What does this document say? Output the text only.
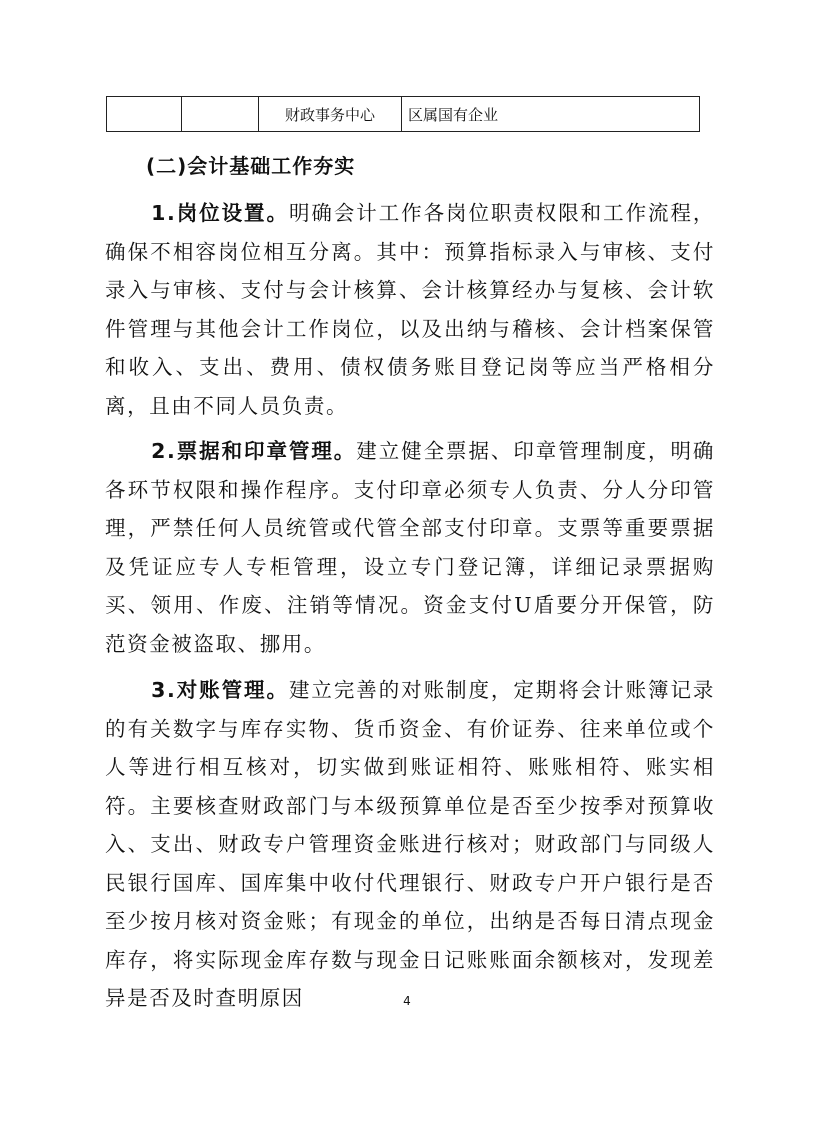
		财政事务中心	区属国有企业
(二)会计基础工作夯实

1.岗位设置。明确会计工作各岗位职责权限和工作流程，确保不相容岗位相互分离。其中：预算指标录入与审核、支付录入与审核、支付与会计核算、会计核算经办与复核、会计软件管理与其他会计工作岗位，以及出纳与稽核、会计档案保管和收入、支出、费用、债权债务账目登记岗等应当严格相分离，且由不同人员负责。

2.票据和印章管理。建立健全票据、印章管理制度，明确各环节权限和操作程序。支付印章必须专人负责、分人分印管理，严禁任何人员统管或代管全部支付印章。支票等重要票据及凭证应专人专柜管理，设立专门登记簿，详细记录票据购买、领用、作废、注销等情况。资金支付U盾要分开保管，防范资金被盗取、挪用。

3.对账管理。建立完善的对账制度，定期将会计账簿记录的有关数字与库存实物、货币资金、有价证券、往来单位或个人等进行相互核对，切实做到账证相符、账账相符、账实相符。主要核查财政部门与本级预算单位是否至少按季对预算收入、支出、财政专户管理资金账进行核对；财政部门与同级人民银行国库、国库集中收付代理银行、财政专户开户银行是否至少按月核对资金账；有现金的单位，出纳是否每日清点现金库存，将实际现金库存数与现金日记账账面余额核对，发现差异是否及时查明原因	4
